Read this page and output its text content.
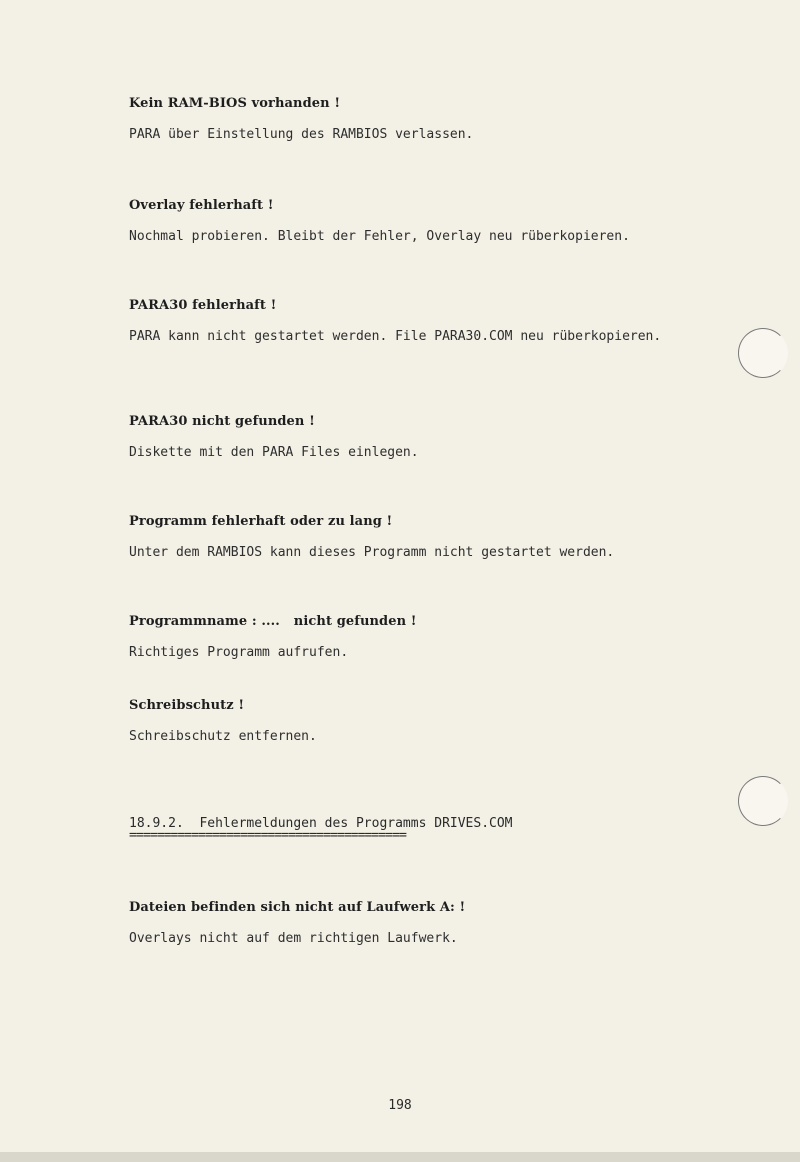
Kein RAM-BIOS vorhanden !
PARA über Einstellung des RAMBIOS verlassen.
Overlay fehlerhaft !
Nochmal probieren. Bleibt der Fehler, Overlay neu rüberkopieren.
PARA30 fehlerhaft !
PARA kann nicht gestartet werden. File PARA30.COM neu rüberkopieren.
PARA30 nicht gefunden !
Diskette mit den PARA Files einlegen.
Programm fehlerhaft oder zu lang !
Unter dem RAMBIOS kann dieses Programm nicht gestartet werden.
Programmname : ....   nicht gefunden !
Richtiges Programm aufrufen.
Schreibschutz !
Schreibschutz entfernen.
18.9.2.  Fehlermeldungen des Programms DRIVES.COM
========================================
Dateien befinden sich nicht auf Laufwerk A: !
Overlays nicht auf dem richtigen Laufwerk.
198
